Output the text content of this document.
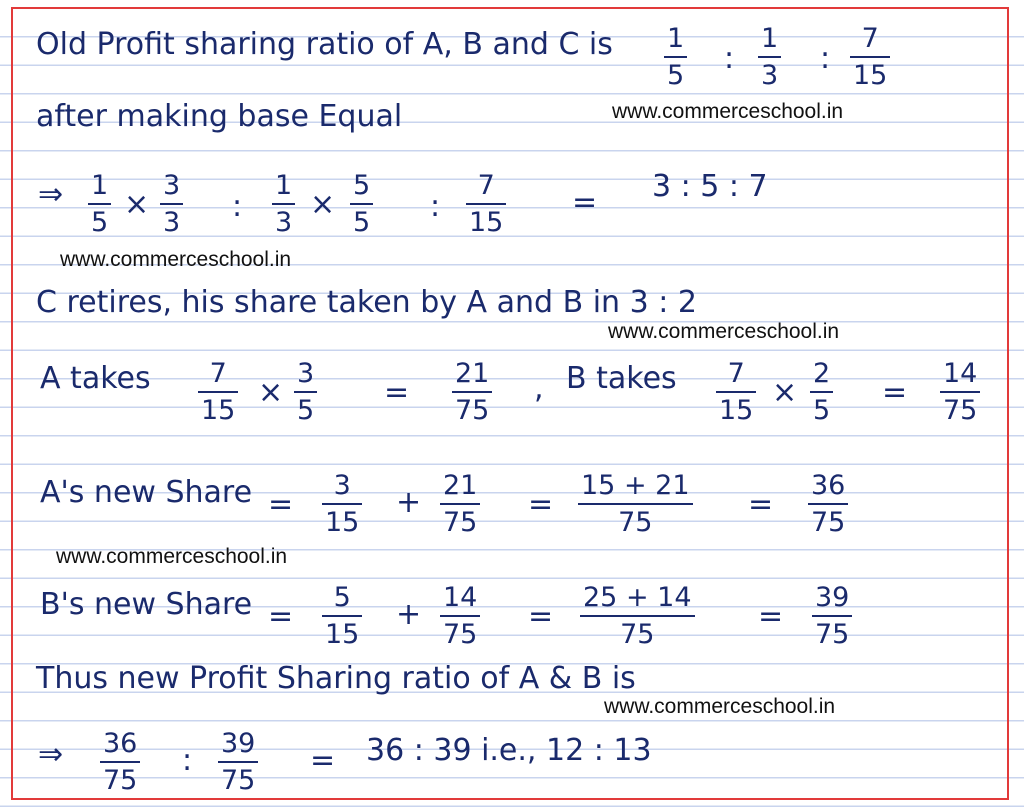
Old Profit sharing ratio of A, B and C is 1
5 :
1
3 :
7
15
after making base Equal	www.commerceschool.in
⇒ 1
5
×
3
3 :
1
3
×
5
5 :
7
15
= 3 : 5 : 7
www.commerceschool.in
C retires, his share taken by A and B in 3 : 2
www.commerceschool.in
A takes 7
15
×
3
5
=
21
75
, B takes 7
15
×
2
5
=
14
75
A's new Share =
3
15
+ 21
75
=
15 + 21
75
=
36
75
www.commerceschool.in
B's new Share =
5
15
+ 14
75
=
25 + 14
75
=
39
75
Thus new Profit Sharing ratio of A & B is
www.commerceschool.in
⇒ 36
75
: 39
75
= 36 : 39 i.e., 12 : 13
